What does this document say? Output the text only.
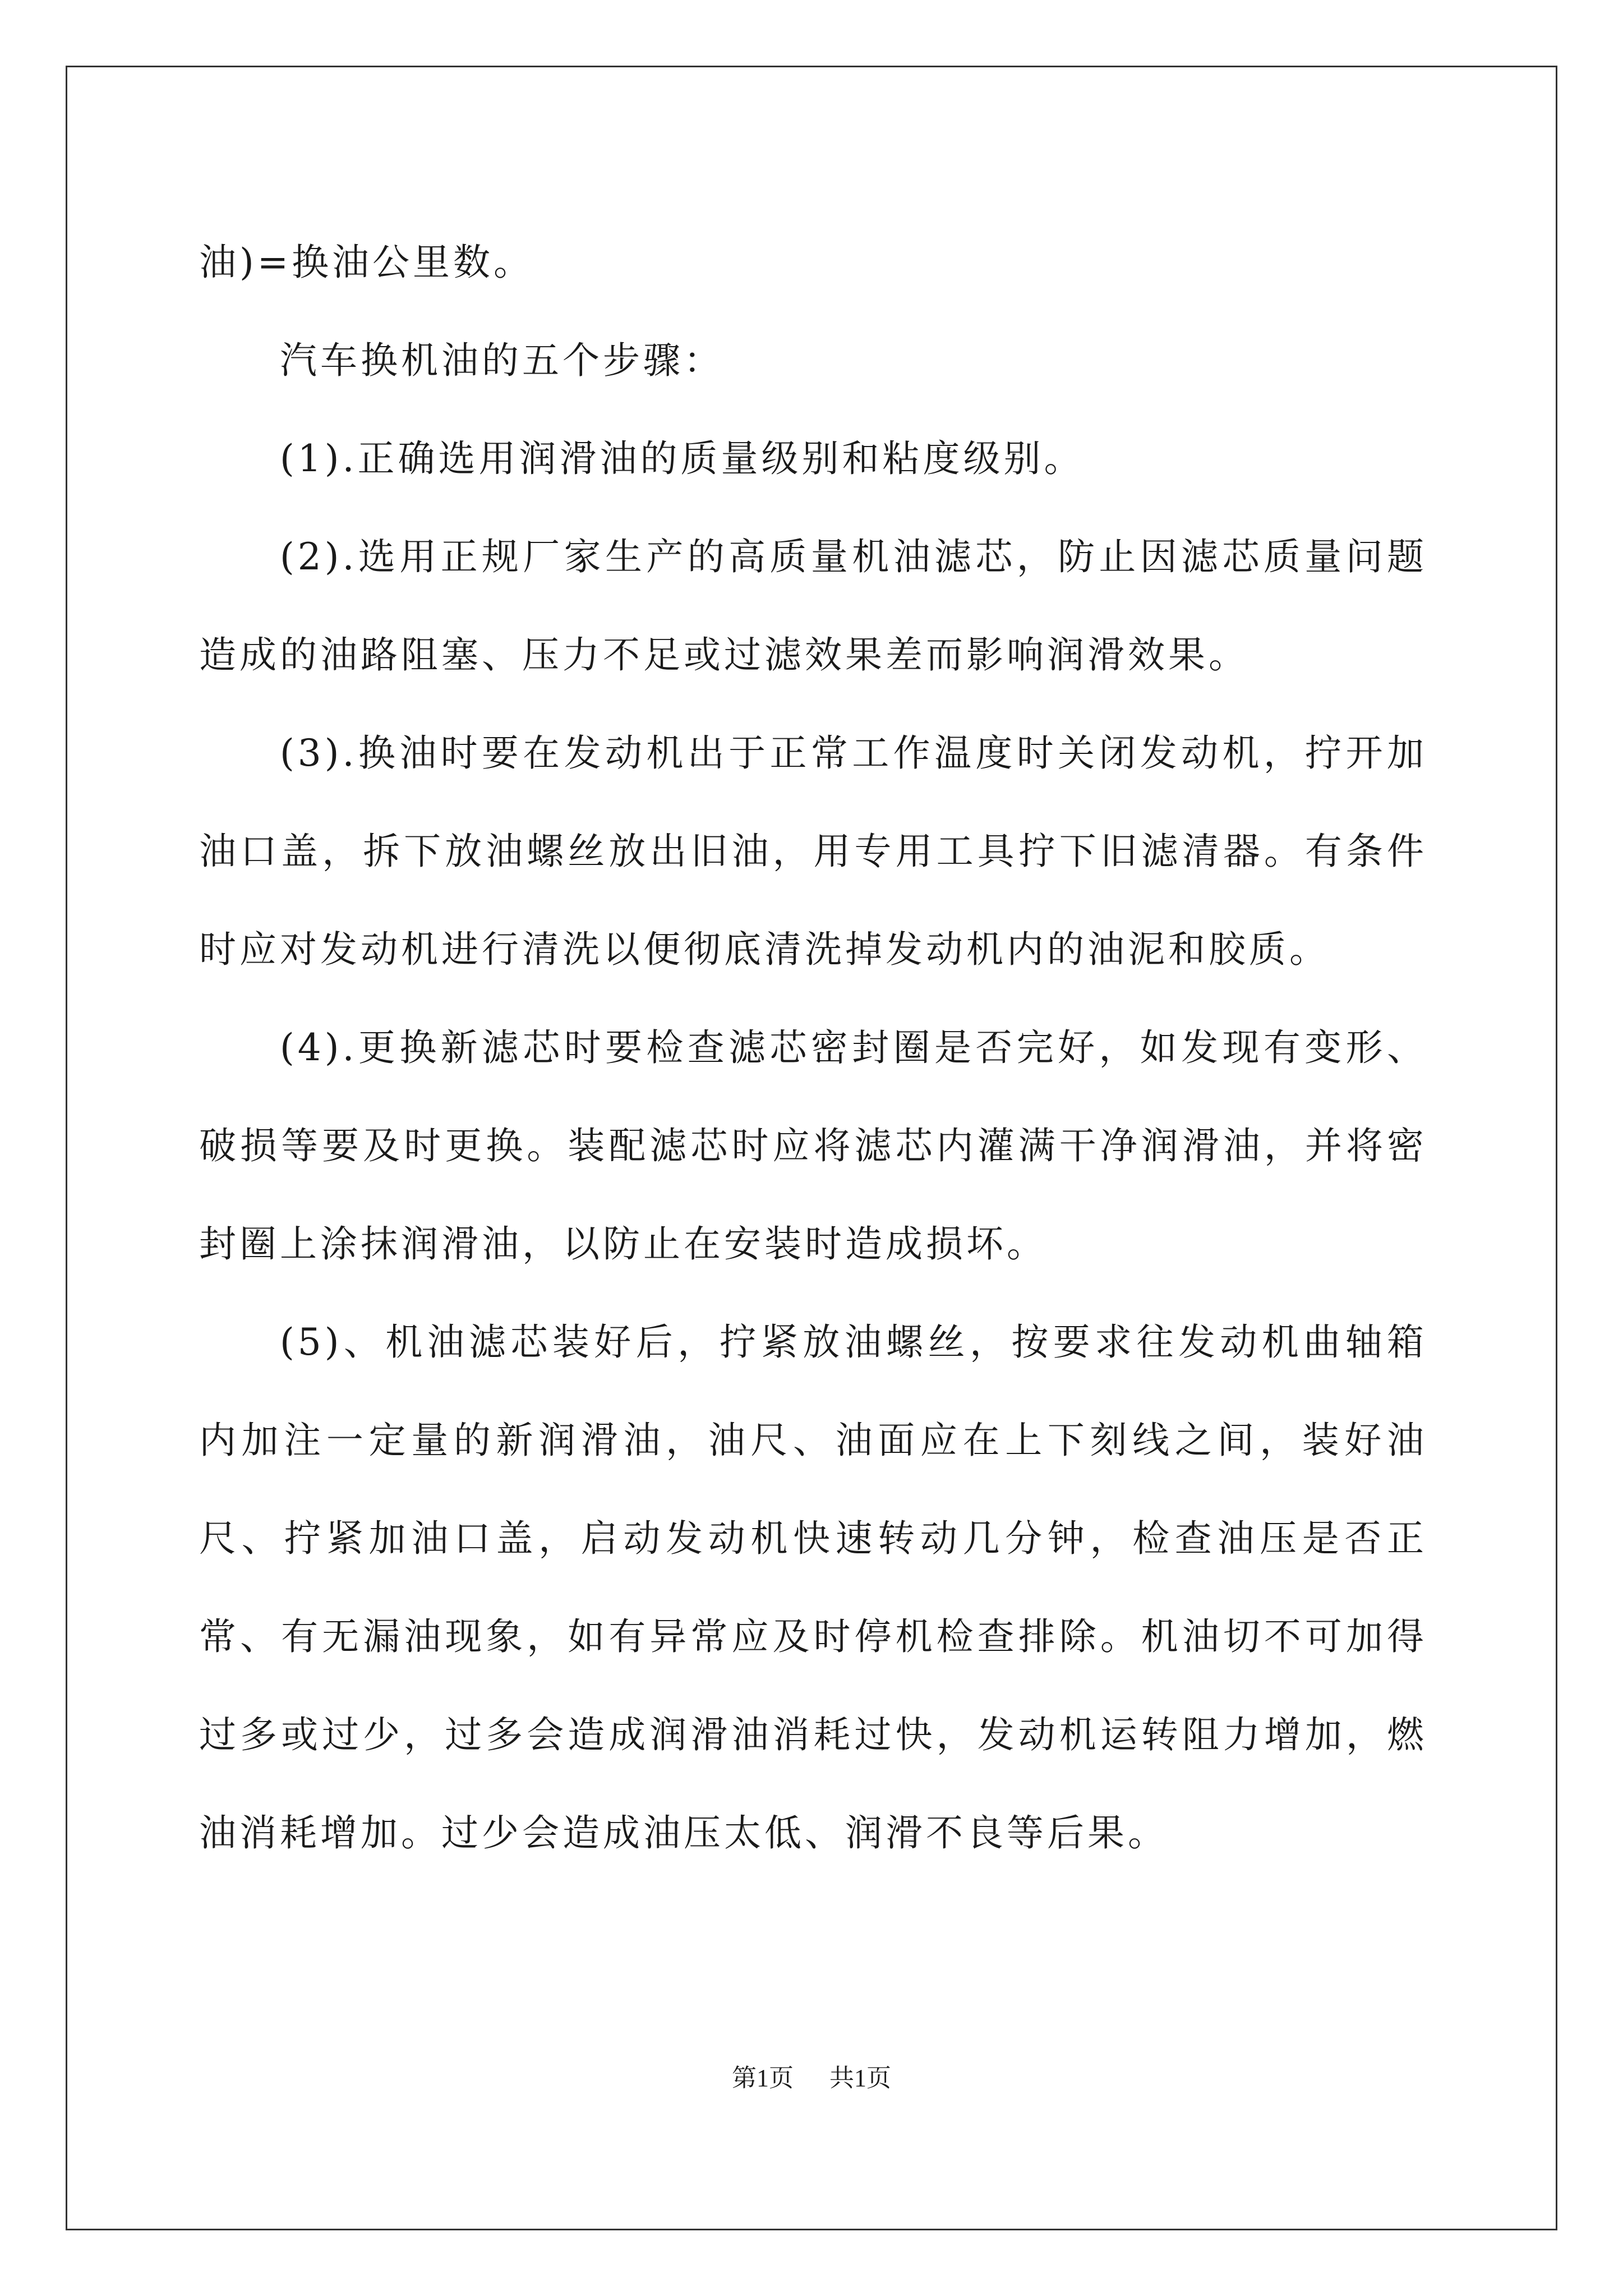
油)=换油公里数。

汽车换机油的五个步骤：

(1).正确选用润滑油的质量级别和粘度级别。

(2).选用正规厂家生产的高质量机油滤芯，防止因滤芯质量问题造成的油路阻塞、压力不足或过滤效果差而影响润滑效果。

(3).换油时要在发动机出于正常工作温度时关闭发动机，拧开加油口盖，拆下放油螺丝放出旧油，用专用工具拧下旧滤清器。有条件时应对发动机进行清洗以便彻底清洗掉发动机内的油泥和胶质。

(4).更换新滤芯时要检查滤芯密封圈是否完好，如发现有变形、破损等要及时更换。装配滤芯时应将滤芯内灌满干净润滑油，并将密封圈上涂抹润滑油，以防止在安装时造成损坏。

(5)、机油滤芯装好后，拧紧放油螺丝，按要求往发动机曲轴箱内加注一定量的新润滑油，油尺、油面应在上下刻线之间，装好油尺、拧紧加油口盖，启动发动机快速转动几分钟，检查油压是否正常、有无漏油现象，如有异常应及时停机检查排除。机油切不可加得过多或过少，过多会造成润滑油消耗过快，发动机运转阻力增加，燃油消耗增加。过少会造成油压太低、润滑不良等后果。

第1页 共1页
